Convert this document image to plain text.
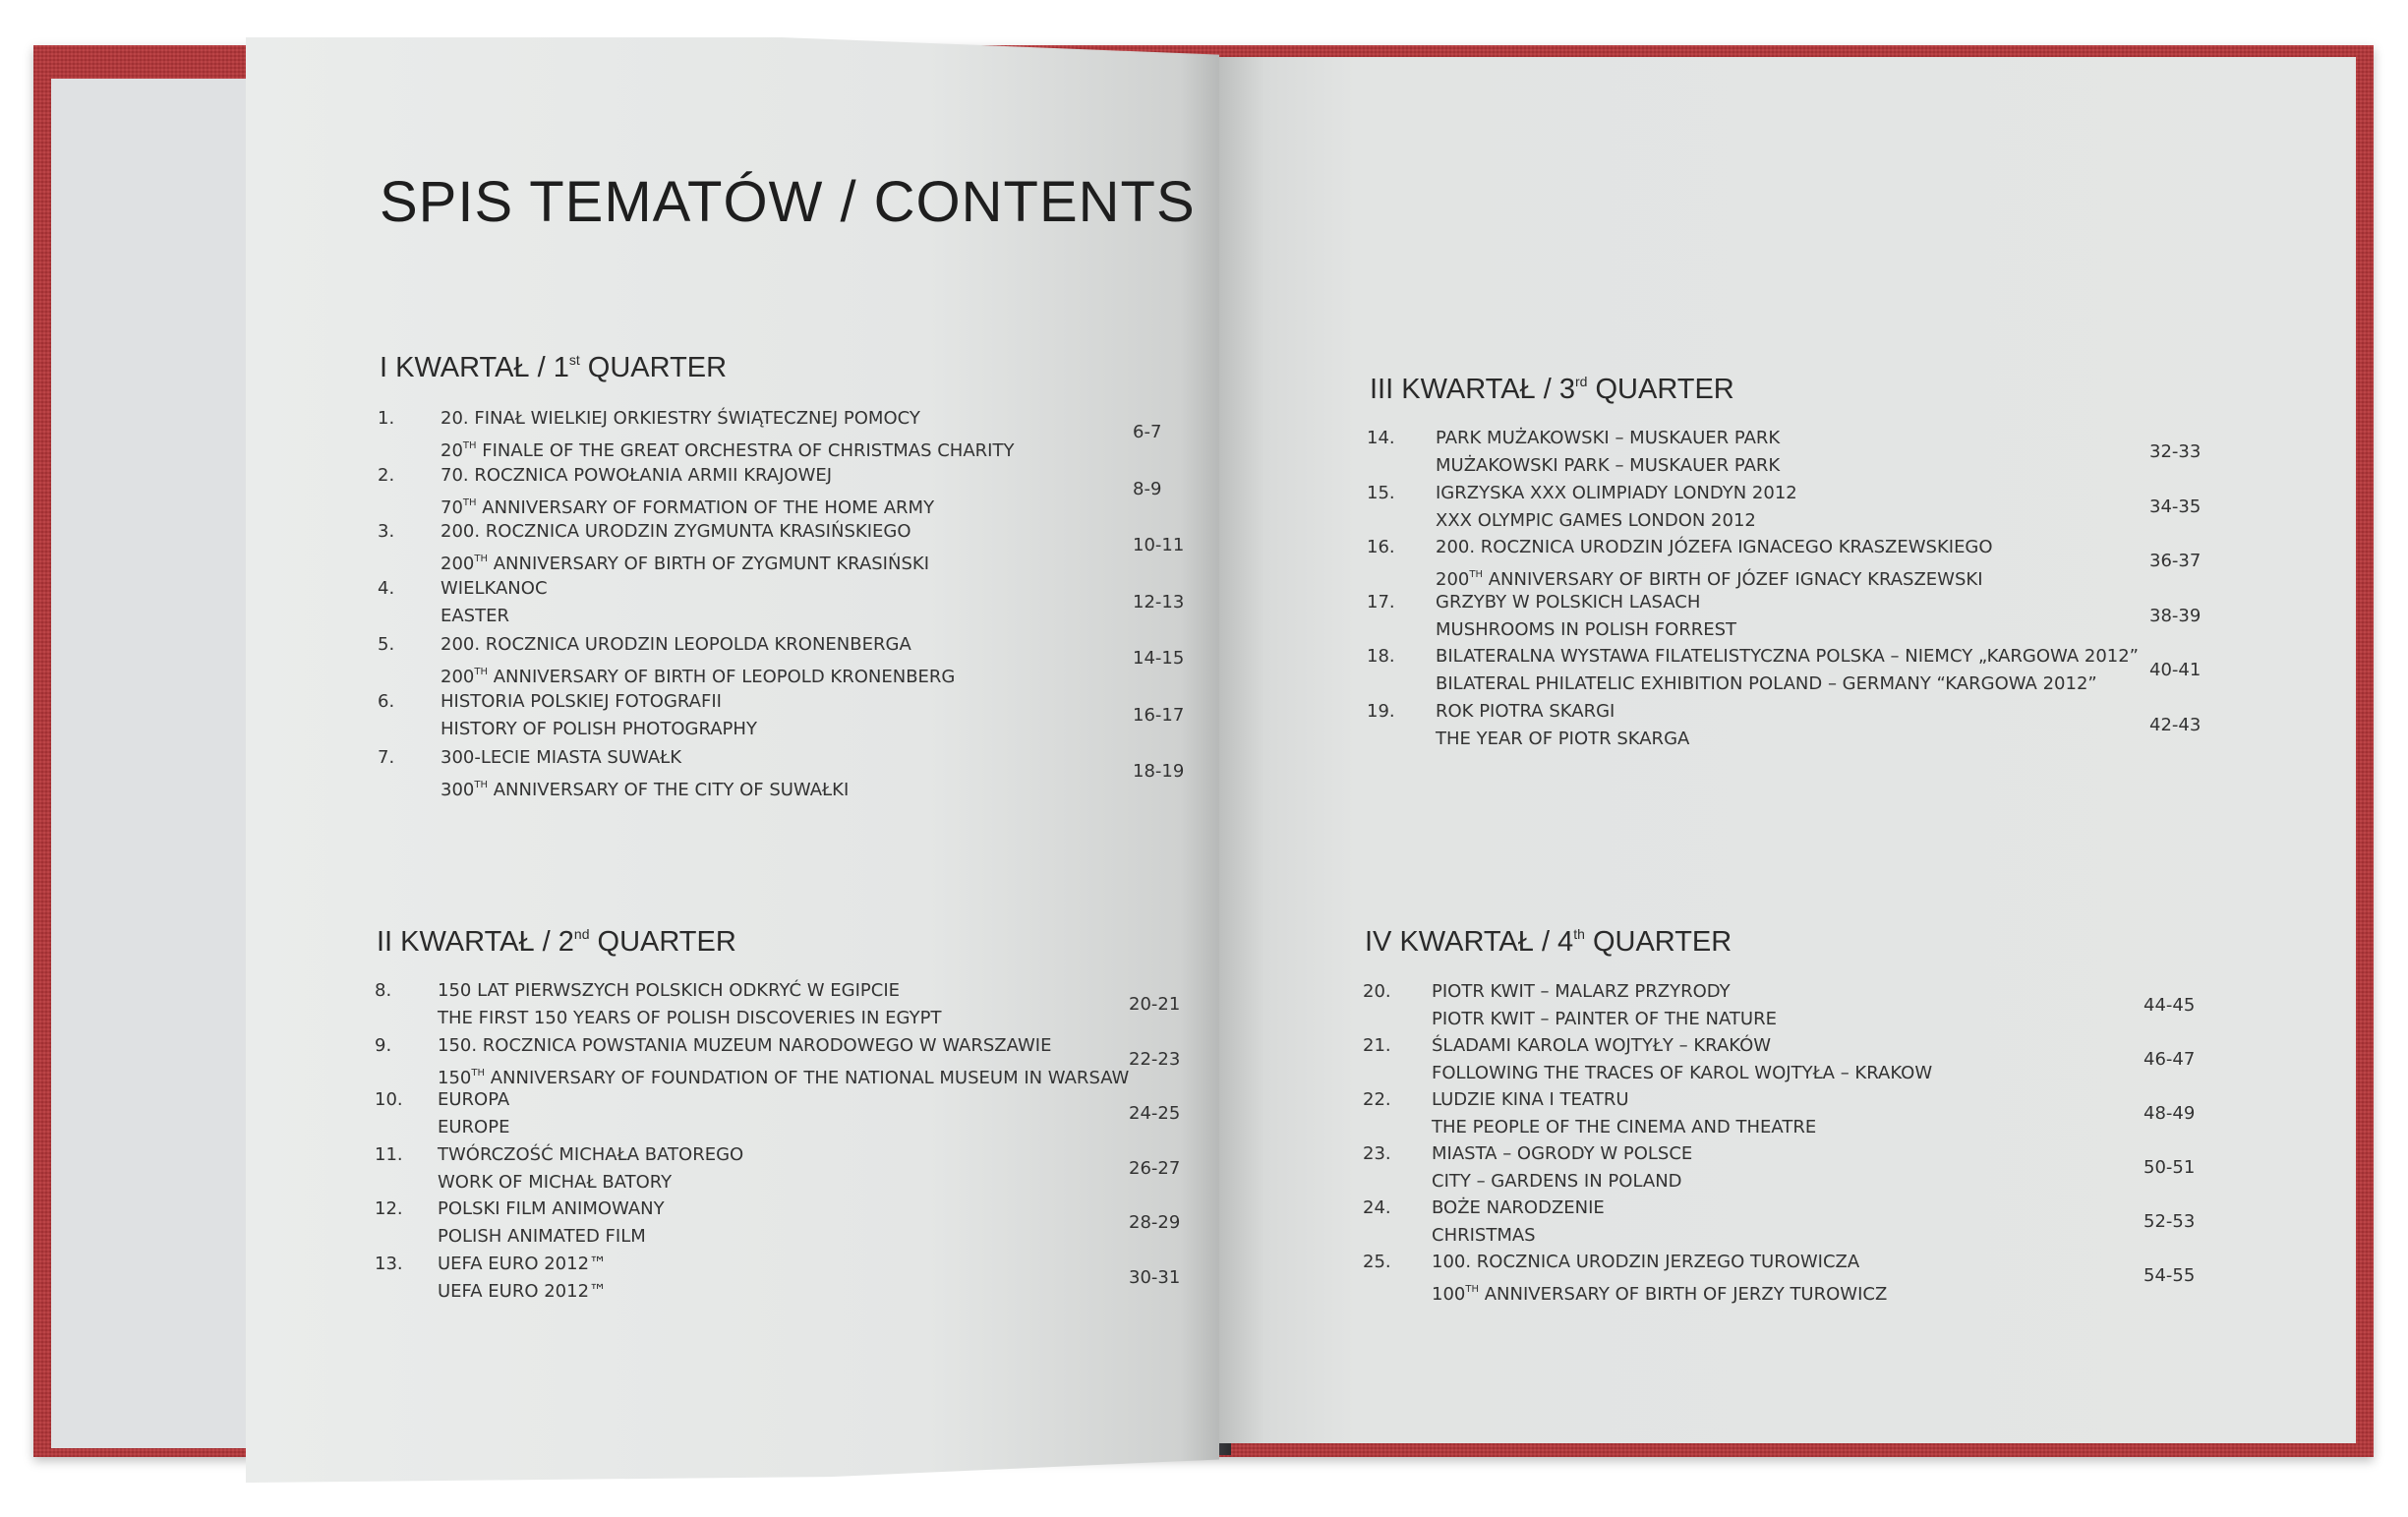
SPIS TEMATÓW / CONTENTS
I KWARTAŁ / 1st QUARTER
1.	20. FINAŁ WIELKIEJ ORKIESTRY ŚWIĄTECZNEJ POMOCY
20TH FINALE OF THE GREAT ORCHESTRA OF CHRISTMAS CHARITY
6-7
2.	70. ROCZNICA POWOŁANIA ARMII KRAJOWEJ
70TH ANNIVERSARY OF FORMATION OF THE HOME ARMY
8-9
3.	200. ROCZNICA URODZIN ZYGMUNTA KRASIŃSKIEGO
200TH ANNIVERSARY OF BIRTH OF ZYGMUNT KRASIŃSKI
10-11
4.	WIELKANOC
EASTER
12-13
5.	200. ROCZNICA URODZIN LEOPOLDA KRONENBERGA
200TH ANNIVERSARY OF BIRTH OF LEOPOLD KRONENBERG
14-15
6.	HISTORIA POLSKIEJ FOTOGRAFII
HISTORY OF POLISH PHOTOGRAPHY
16-17
7.	300-LECIE MIASTA SUWAŁK
300TH ANNIVERSARY OF THE CITY OF SUWAŁKI
18-19
II KWARTAŁ / 2nd QUARTER
8.	150 LAT PIERWSZYCH POLSKICH ODKRYĆ W EGIPCIE
THE FIRST 150 YEARS OF POLISH DISCOVERIES IN EGYPT
20-21
9.	150. ROCZNICA POWSTANIA MUZEUM NARODOWEGO W WARSZAWIE
150TH ANNIVERSARY OF FOUNDATION OF THE NATIONAL MUSEUM IN WARSAW
22-23
10. EUROPA
EUROPE
24-25
11. TWÓRCZOŚĆ MICHAŁA BATOREGO
WORK OF MICHAŁ BATORY
26-27
12. POLSKI FILM ANIMOWANY
POLISH ANIMATED FILM
28-29
13. UEFA EURO 2012™
UEFA EURO 2012™
30-31
III KWARTAŁ / 3rd QUARTER
14. PARK MUŻAKOWSKI – MUSKAUER PARK
MUŻAKOWSKI PARK – MUSKAUER PARK
32-33
15. IGRZYSKA XXX OLIMPIADY LONDYN 2012
XXX OLYMPIC GAMES LONDON 2012
34-35
16. 200. ROCZNICA URODZIN JÓZEFA IGNACEGO KRASZEWSKIEGO
200TH ANNIVERSARY OF BIRTH OF JÓZEF IGNACY KRASZEWSKI
36-37
17. GRZYBY W POLSKICH LASACH
MUSHROOMS IN POLISH FORREST
38-39
18. BILATERALNA WYSTAWA FILATELISTYCZNA POLSKA – NIEMCY „KARGOWA 2012”
BILATERAL PHILATELIC EXHIBITION POLAND – GERMANY “KARGOWA 2012”
40-41
19. ROK PIOTRA SKARGI
THE YEAR OF PIOTR SKARGA
42-43
IV KWARTAŁ / 4th QUARTER
20. PIOTR KWIT – MALARZ PRZYRODY
PIOTR KWIT – PAINTER OF THE NATURE
44-45
21. ŚLADAMI KAROLA WOJTYŁY – KRAKÓW
FOLLOWING THE TRACES OF KAROL WOJTYŁA – KRAKOW
46-47
22. LUDZIE KINA I TEATRU
THE PEOPLE OF THE CINEMA AND THEATRE
48-49
23. MIASTA – OGRODY W POLSCE
CITY – GARDENS IN POLAND
50-51
24. BOŻE NARODZENIE
CHRISTMAS
52-53
25. 100. ROCZNICA URODZIN JERZEGO TUROWICZA
100TH ANNIVERSARY OF BIRTH OF JERZY TUROWICZ
54-55
